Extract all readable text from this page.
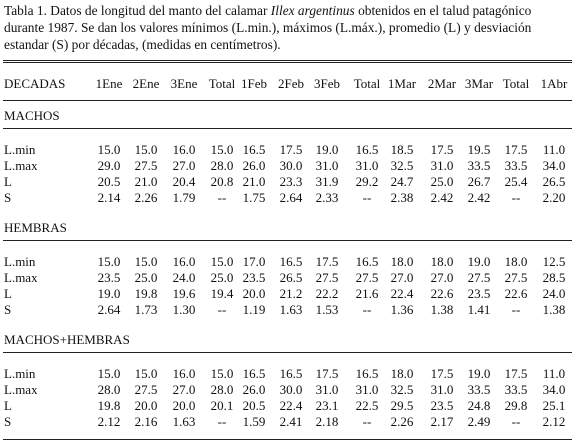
Tabla 1. Datos de longitud del manto del calamar Illex argentinus obtenidos en el talud patagónico durante 1987. Se dan los valores mínimos (L.min.), máximos (L.máx.), promedio (L) y desviación estandar (S) por décadas, (medidas en centímetros).
DECADAS 1Ene 2Ene 3Ene Total 1Feb 2Feb 3Feb Total 1Mar 2Mar 3Mar Total 1Abr
MACHOS
L.min	15.0 15.0 16.0 15.0 16.5 17.5 19.0 16.5 18.5 17.5 19.5 17.5 11.0
L.max	29.0 27.5 27.0 28.0 26.0 30.0 31.0 31.0 32.5 31.0 33.5 33.5 34.0
L	20.5 21.0 20.4 20.8 21.0 23.3 31.9 29.2 24.7 25.0 26.7 25.4 26.5
S	2.14 2.26 1.79 -- 1.75 2.64 2.33 -- 2.38 2.42 2.42 -- 2.20
HEMBRAS
L.min	15.0 15.0 16.0 15.0 17.0 16.5 17.5 16.5 18.0 18.0 19.0 18.0 12.5
L.max	23.5 25.0 24.0 25.0 23.5 26.5 27.5 27.5 27.0 27.0 27.5 27.5 28.5
L	19.0 19.8 19.6 19.4 20.0 21.2 22.2 21.6 22.4 22.6 23.5 22.6 24.0
S	2.64 1.73 1.30 -- 1.19 1.63 1.53 -- 1.36 1.38 1.41 -- 1.38
MACHOS+HEMBRAS
L.min	15.0 15.0 16.0 15.0 16.5 16.5 17.5 16.5 18.0 17.5 19.0 17.5 11.0
L.max	28.0 27.5 27.0 28.0 26.0 30.0 31.0 31.0 32.5 31.0 33.5 33.5 34.0
L	19.8 20.0 20.0 20.1 20.5 22.4 23.1 22.5 29.5 23.5 24.8 29.8 25.1
S	2.12 2.16 1.63 -- 1.59 2.41 2.18 -- 2.26 2.17 2.49 -- 2.12
